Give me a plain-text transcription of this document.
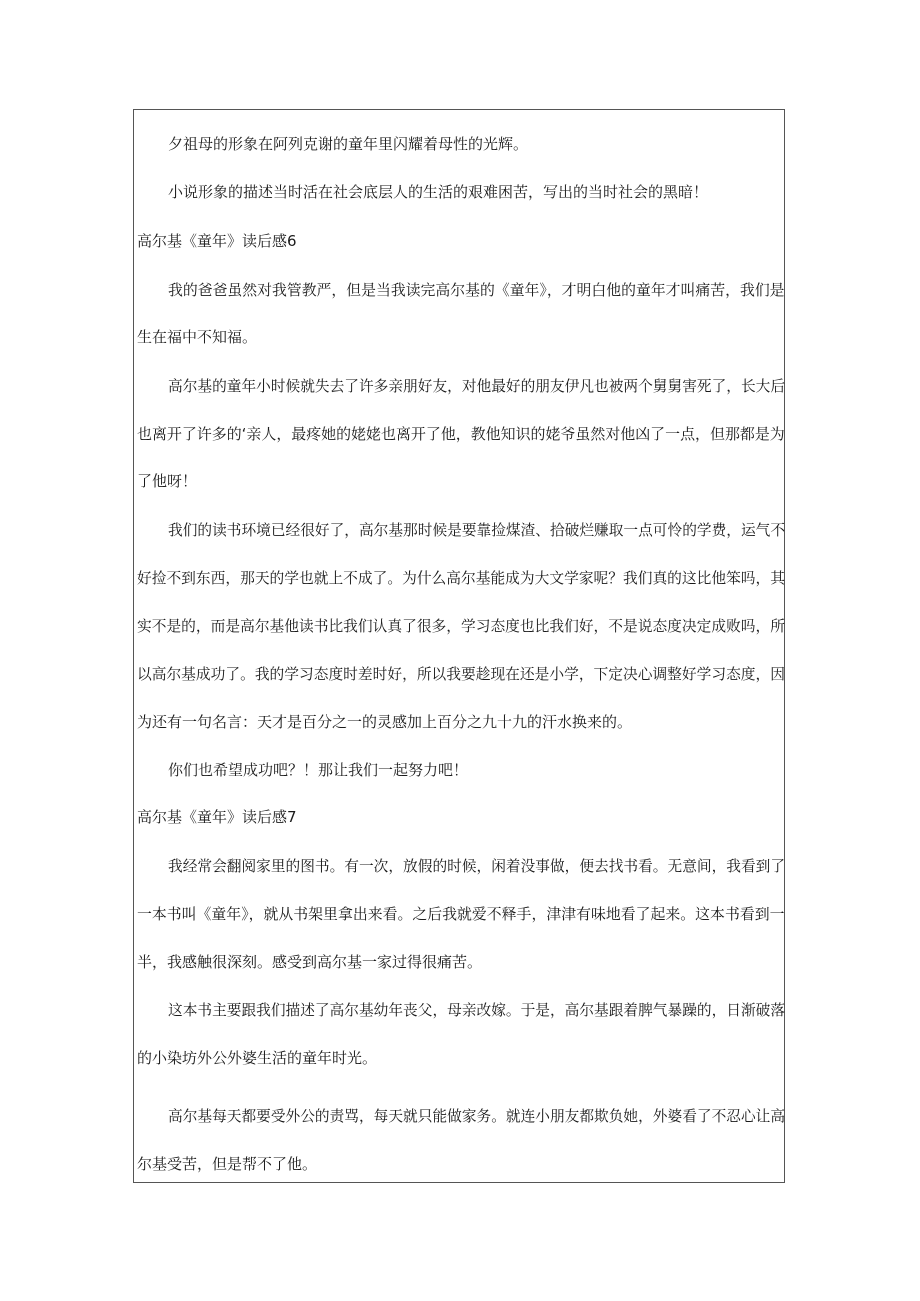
夕祖母的形象在阿列克谢的童年里闪耀着母性的光辉。
小说形象的描述当时活在社会底层人的生活的艰难困苦，写出的当时社会的黑暗！
高尔基《童年》读后感6
我的爸爸虽然对我管教严，但是当我读完高尔基的《童年》，才明白他的童年才叫痛苦，我们是
生在福中不知福。
高尔基的童年小时候就失去了许多亲朋好友，对他最好的朋友伊凡也被两个舅舅害死了，长大后
也离开了许多的‘亲人，最疼她的姥姥也离开了他，教他知识的姥爷虽然对他凶了一点，但那都是为
了他呀！
我们的读书环境已经很好了，高尔基那时候是要靠捡煤渣、拾破烂赚取一点可怜的学费，运气不
好捡不到东西，那天的学也就上不成了。为什么高尔基能成为大文学家呢？我们真的这比他笨吗，其
实不是的，而是高尔基他读书比我们认真了很多，学习态度也比我们好，不是说态度决定成败吗，所
以高尔基成功了。我的学习态度时差时好，所以我要趁现在还是小学，下定决心调整好学习态度，因
为还有一句名言：天才是百分之一的灵感加上百分之九十九的汗水换来的。
你们也希望成功吧？！那让我们一起努力吧！
高尔基《童年》读后感7
我经常会翻阅家里的图书。有一次，放假的时候，闲着没事做，便去找书看。无意间，我看到了
一本书叫《童年》，就从书架里拿出来看。之后我就爱不释手，津津有味地看了起来。这本书看到一
半，我感触很深刻。感受到高尔基一家过得很痛苦。
这本书主要跟我们描述了高尔基幼年丧父，母亲改嫁。于是，高尔基跟着脾气暴躁的，日渐破落
的小染坊外公外婆生活的童年时光。
高尔基每天都要受外公的责骂，每天就只能做家务。就连小朋友都欺负她，外婆看了不忍心让高
尔基受苦，但是帮不了他。
